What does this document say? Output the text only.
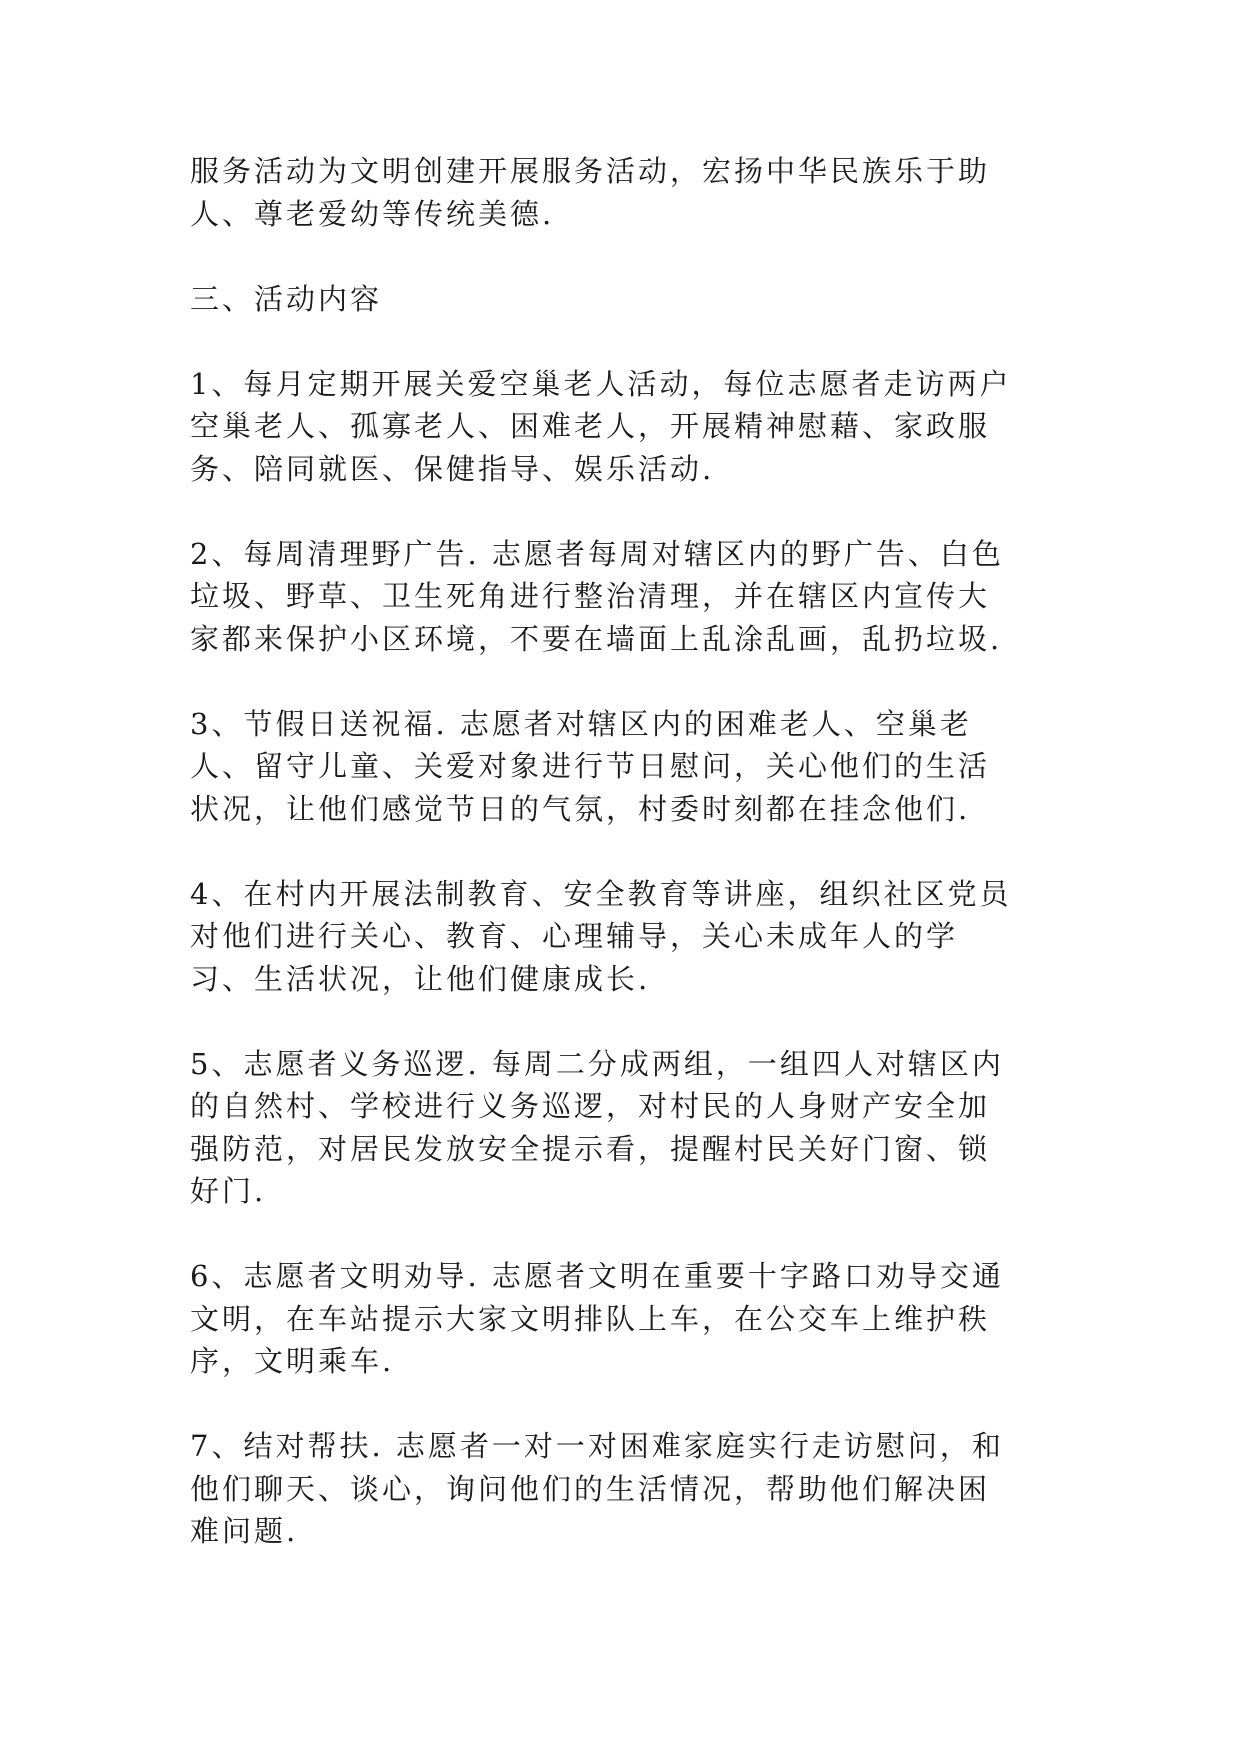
服务活动为文明创建开展服务活动，宏扬中华民族乐于助
人、尊老爱幼等传统美德.

三、活动内容

1、每月定期开展关爱空巢老人活动，每位志愿者走访两户
空巢老人、孤寡老人、困难老人，开展精神慰藉、家政服
务、陪同就医、保健指导、娱乐活动.

2、每周清理野广告. 志愿者每周对辖区内的野广告、白色
垃圾、野草、卫生死角进行整治清理，并在辖区内宣传大
家都来保护小区环境，不要在墙面上乱涂乱画，乱扔垃圾.

3、节假日送祝福. 志愿者对辖区内的困难老人、空巢老
人、留守儿童、关爱对象进行节日慰问，关心他们的生活
状况，让他们感觉节日的气氛，村委时刻都在挂念他们.

4、在村内开展法制教育、安全教育等讲座，组织社区党员
对他们进行关心、教育、心理辅导，关心未成年人的学
习、生活状况，让他们健康成长.

5、志愿者义务巡逻. 每周二分成两组，一组四人对辖区内
的自然村、学校进行义务巡逻，对村民的人身财产安全加
强防范，对居民发放安全提示看，提醒村民关好门窗、锁
好门.

6、志愿者文明劝导. 志愿者文明在重要十字路口劝导交通
文明，在车站提示大家文明排队上车，在公交车上维护秩
序，文明乘车.

7、结对帮扶. 志愿者一对一对困难家庭实行走访慰问，和
他们聊天、谈心，询问他们的生活情况，帮助他们解决困
难问题.
